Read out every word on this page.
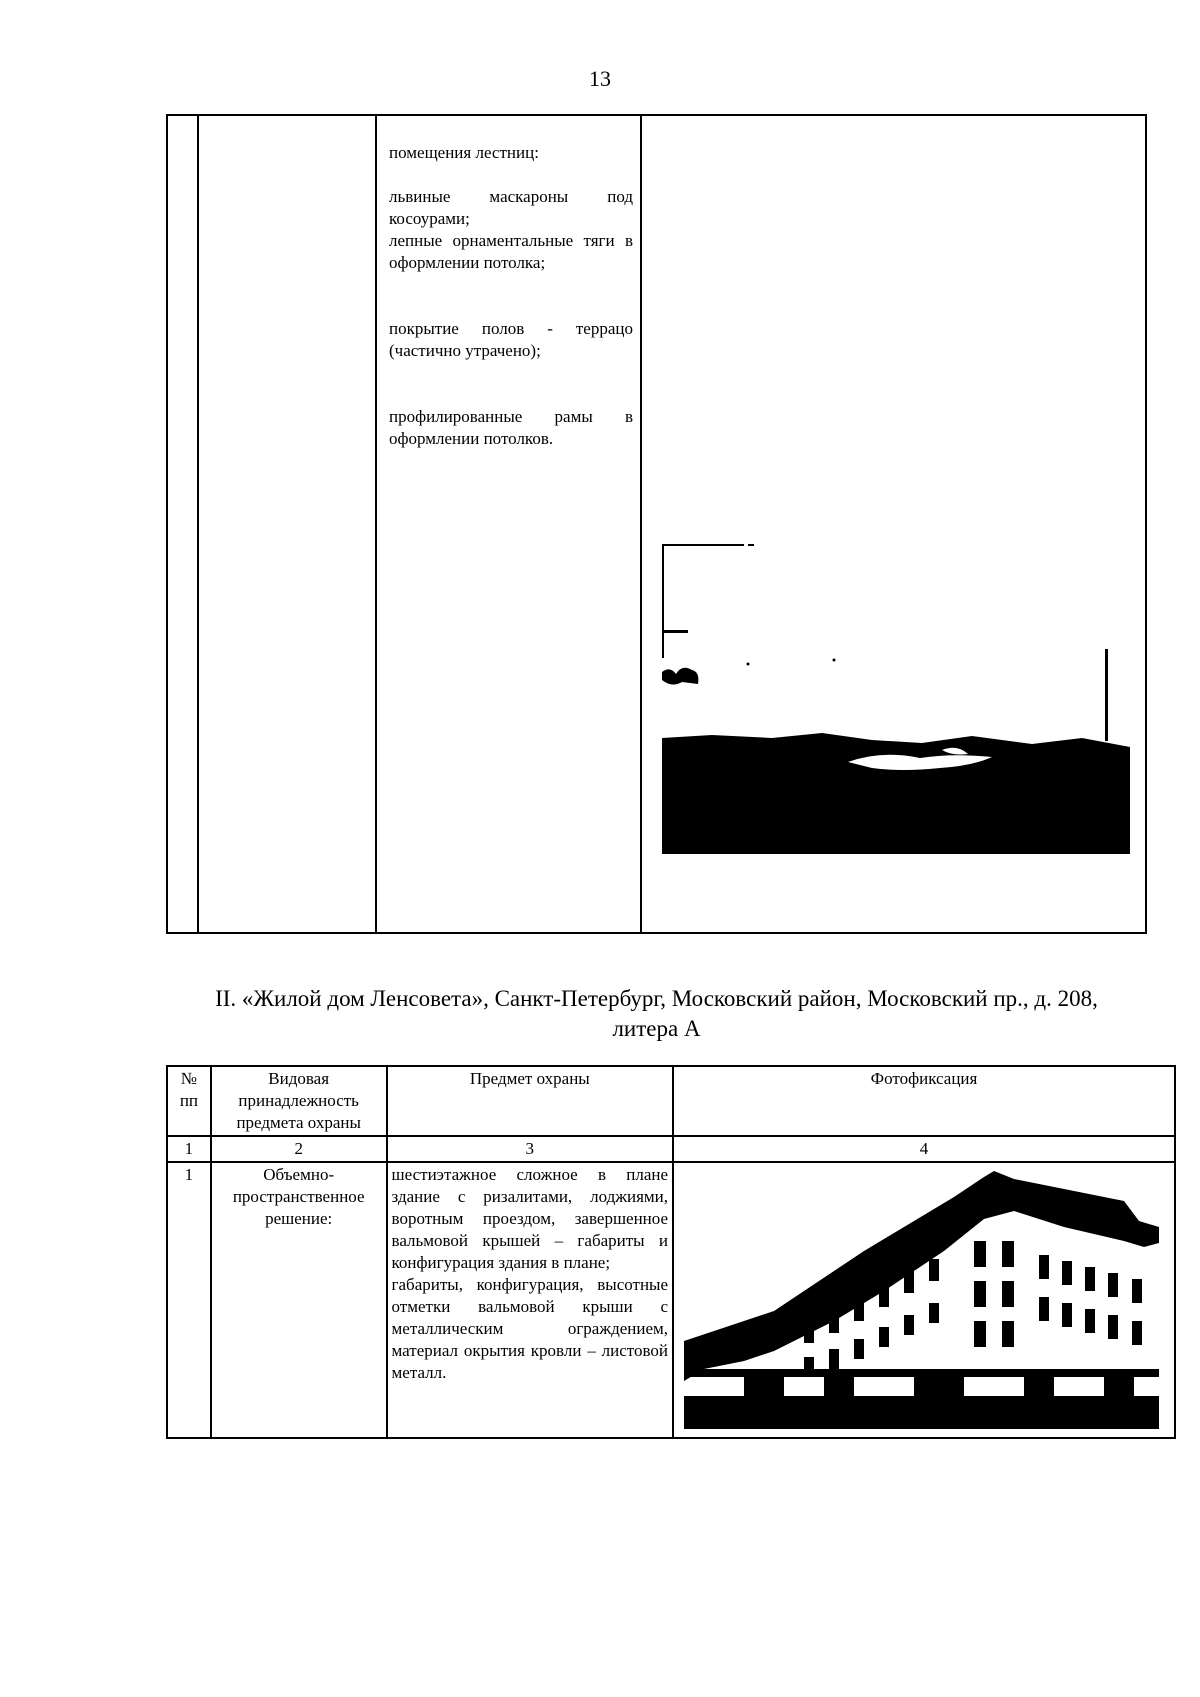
13

помещения лестниц:

львиные маскароны под косоурами;

лепные орнаментальные тяги в оформлении потолка;

покрытие полов - террацо (частично утрачено);

профилированные рамы в оформлении потолков.

II. «Жилой дом Ленсовета», Санкт-Петербург, Московский район, Московский пр., д. 208,
литера А
№ пп	Видовая принадлежность предмета охраны	Предмет охраны	Фотофиксация
1	2	3	4
1	Объемно-пространственное решение:	шестиэтажное сложное в плане здание с ризалитами, лоджиями, воротным проездом, завершенное вальмовой крышей – габариты и конфигурация здания в плане;
габариты, конфигурация, высотные отметки вальмовой крыши с металлическим ограждением, материал окрытия кровли – листовой металл.
